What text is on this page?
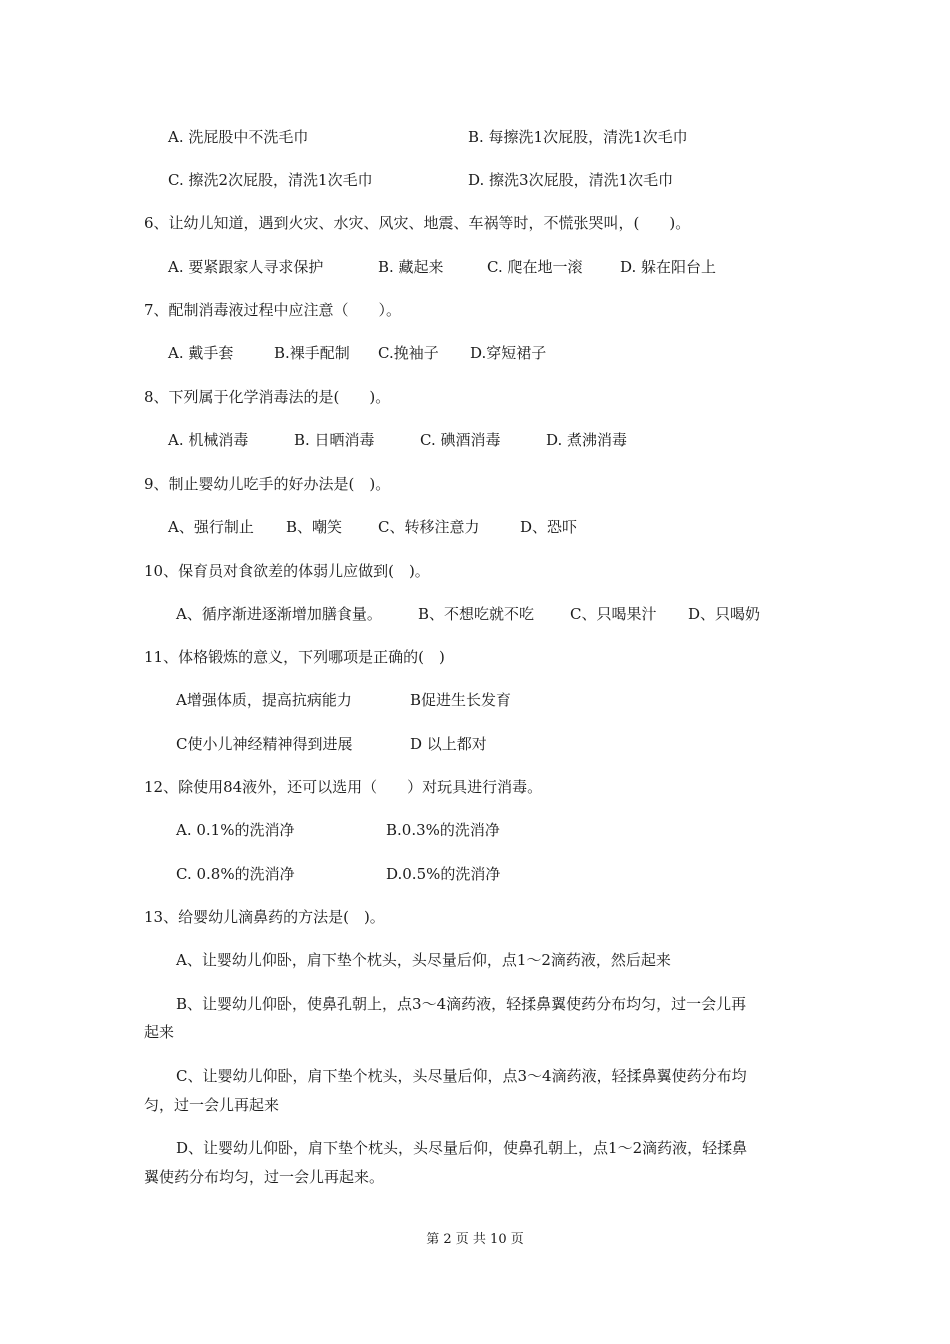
A. 洗屁股中不洗毛巾	B. 每擦洗1次屁股，清洗1次毛巾
C. 擦洗2次屁股，清洗1次毛巾	D. 擦洗3次屁股，清洗1次毛巾
6、让幼儿知道，遇到火灾、水灾、风灾、地震、车祸等时，不慌张哭叫，(　　)。
A. 要紧跟家人寻求保护	B. 藏起来	C. 爬在地一滚	D. 躲在阳台上
7、配制消毒液过程中应注意（　　）。
A. 戴手套	B.裸手配制 C.挽袖子 D.穿短裙子
8、下列属于化学消毒法的是(　　)。
A. 机械消毒	B. 日晒消毒	C. 碘酒消毒	D. 煮沸消毒
9、制止婴幼儿吃手的好办法是(　)。
A、强行制止 B、嘲笑 C、转移注意力	D、恐吓
10、保育员对食欲差的体弱儿应做到(　)。
A、循序渐进逐渐增加膳食量。 B、不想吃就不吃 C、只喝果汁 D、只喝奶
11、体格锻炼的意义，下列哪项是正确的(　)
A增强体质，提高抗病能力	B促进生长发育
C使小儿神经精神得到进展	D 以上都对
12、除使用84液外，还可以选用（　　）对玩具进行消毒。
A. 0.1%的洗消净	B.0.3%的洗消净
C. 0.8%的洗消净	D.0.5%的洗消净
13、给婴幼儿滴鼻药的方法是(　)。
A、让婴幼儿仰卧，肩下垫个枕头，头尽量后仰，点1～2滴药液，然后起来
B、让婴幼儿仰卧，使鼻孔朝上，点3～4滴药液，轻揉鼻翼使药分布均匀，过一会儿再
起来
C、让婴幼儿仰卧，肩下垫个枕头，头尽量后仰，点3～4滴药液，轻揉鼻翼使药分布均
匀，过一会儿再起来
D、让婴幼儿仰卧，肩下垫个枕头，头尽量后仰，使鼻孔朝上，点1～2滴药液，轻揉鼻
翼使药分布均匀，过一会儿再起来。
第 2 页 共 10 页
